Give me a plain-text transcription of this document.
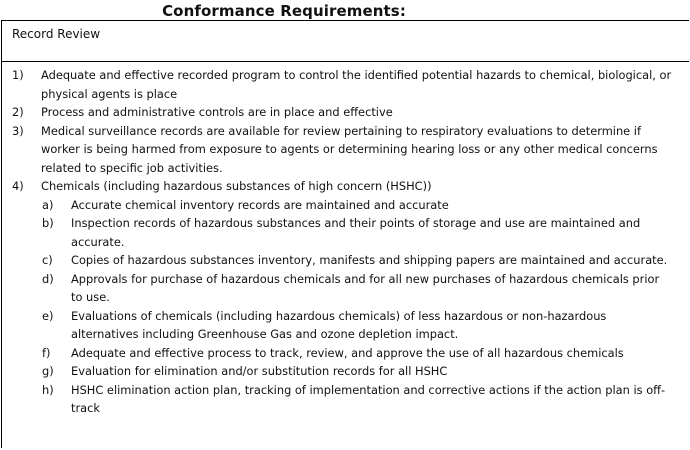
Conformance Requirements:
Record Review
1)	Adequate and effective recorded program to control the identified potential hazards to chemical, biological, or physical agents is place
2)	Process and administrative controls are in place and effective
3)	Medical surveillance records are available for review pertaining to respiratory evaluations to determine if worker is being harmed from exposure to agents or determining hearing loss or any other medical concerns related to specific job activities.
4)	Chemicals (including hazardous substances of high concern (HSHC))
a)	Accurate chemical inventory records are maintained and accurate
b)	Inspection records of hazardous substances and their points of storage and use are maintained and accurate.
c)	Copies of hazardous substances inventory, manifests and shipping papers are maintained and accurate.
d)	Approvals for purchase of hazardous chemicals and for all new purchases of hazardous chemicals prior to use.
e)	Evaluations of chemicals (including hazardous chemicals) of less hazardous or non-hazardous alternatives including Greenhouse Gas and ozone depletion impact.
f)	Adequate and effective process to track, review, and approve the use of all hazardous chemicals
g)	Evaluation for elimination and/or substitution records for all HSHC
h)	HSHC elimination action plan, tracking of implementation and corrective actions if the action plan is off-track
